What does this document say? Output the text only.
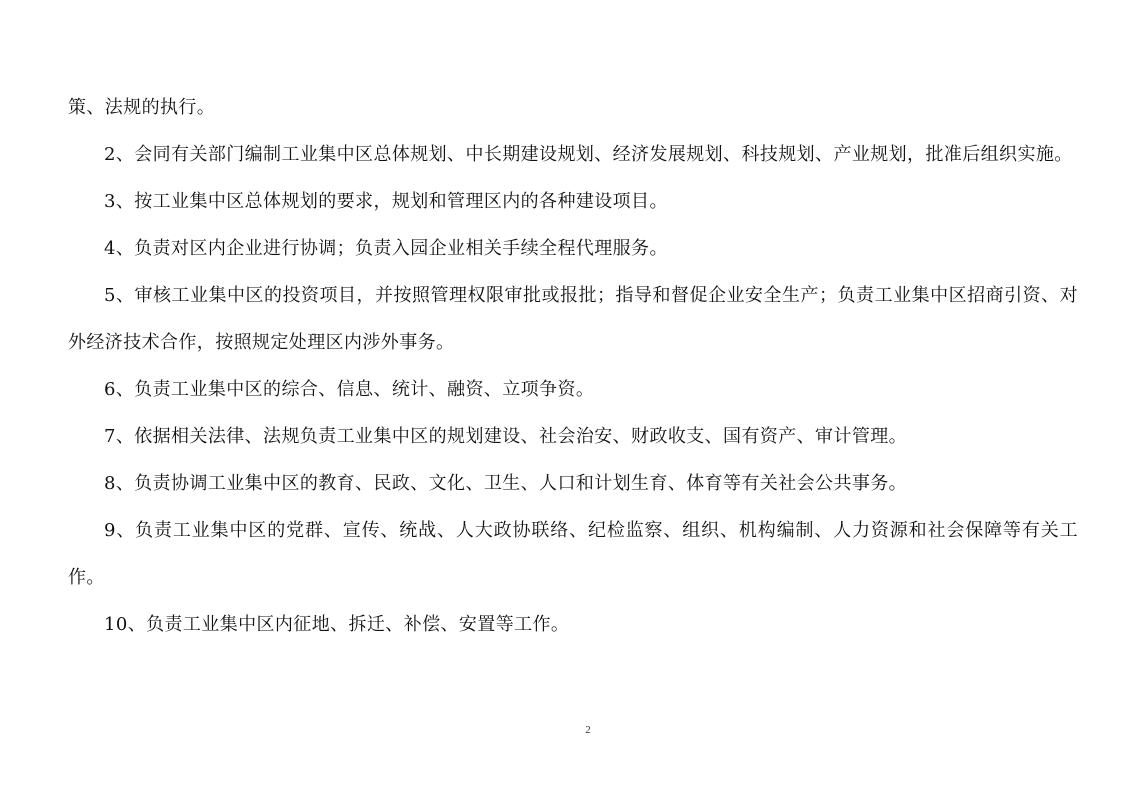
策、法规的执行。

2、会同有关部门编制工业集中区总体规划、中长期建设规划、经济发展规划、科技规划、产业规划，批准后组织实施。

3、按工业集中区总体规划的要求，规划和管理区内的各种建设项目。

4、负责对区内企业进行协调；负责入园企业相关手续全程代理服务。

5、审核工业集中区的投资项目，并按照管理权限审批或报批；指导和督促企业安全生产；负责工业集中区招商引资、对外经济技术合作，按照规定处理区内涉外事务。

6、负责工业集中区的综合、信息、统计、融资、立项争资。

7、依据相关法律、法规负责工业集中区的规划建设、社会治安、财政收支、国有资产、审计管理。

8、负责协调工业集中区的教育、民政、文化、卫生、人口和计划生育、体育等有关社会公共事务。

9、负责工业集中区的党群、宣传、统战、人大政协联络、纪检监察、组织、机构编制、人力资源和社会保障等有关工作。

10、负责工业集中区内征地、拆迁、补偿、安置等工作。

2
